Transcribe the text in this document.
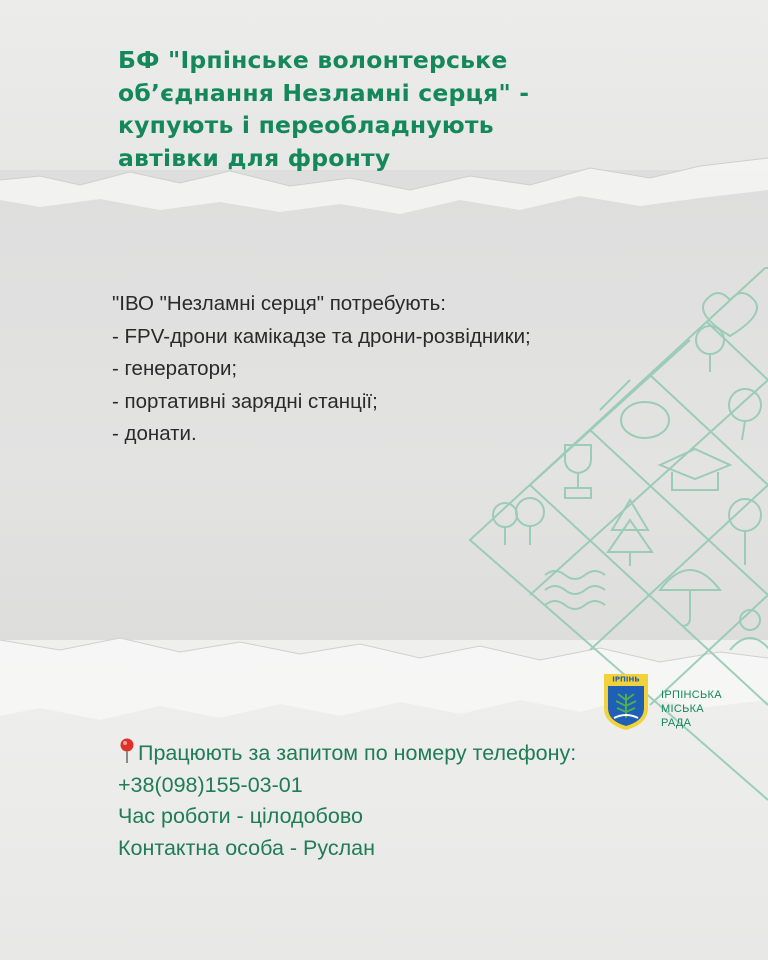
БФ "Ірпінське волонтерське
об’єднання Незламні серця" -
купують і переобладнують
автівки для фронту
"ІВО "Незламні серця" потребують:
- FPV-дрони камікадзе та дрони-розвідники;
- генератори;
- портативні зарядні станції;
- донати.
ІРПІНЬ
ІРПІНСЬКА
МІСЬКА
РАДА
Працюють за запитом по номеру телефону:
+38(098)155-03-01
Час роботи - цілодобово
Контактна особа - Руслан
